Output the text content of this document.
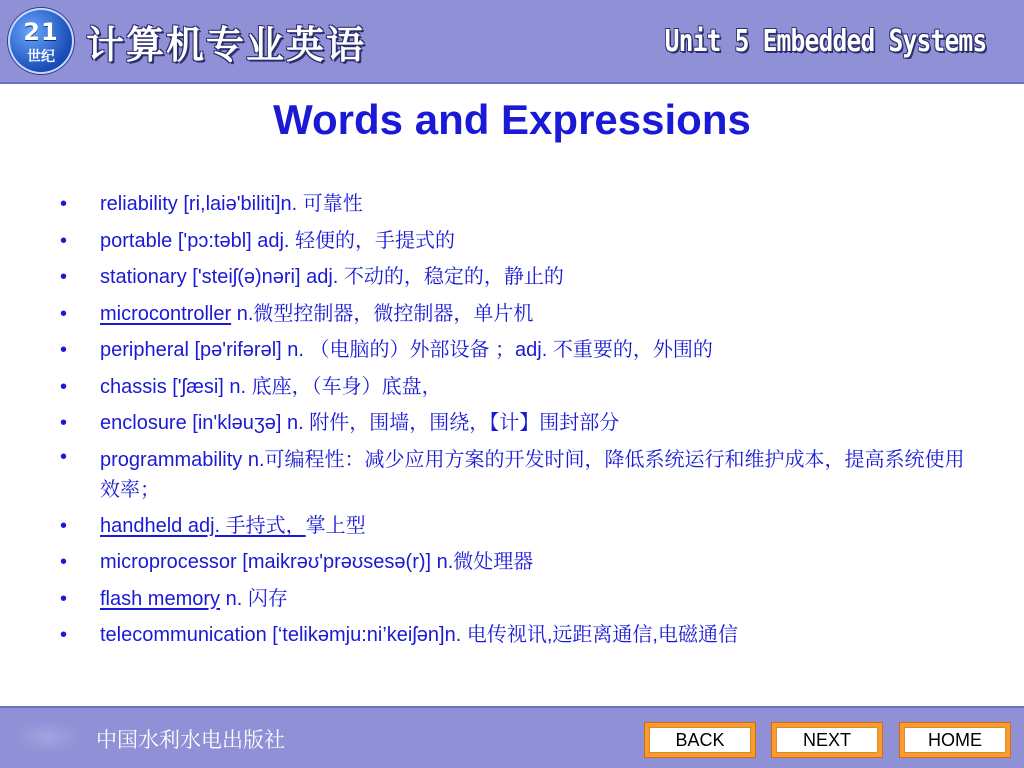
21
世纪 计算机专业英语	Unit 5 Embedded Systems
Words and Expressions
• reliability [ri,laiə'biliti]n. 可靠性
• portable ['pɔ:təbl] adj. 轻便的，手提式的
• stationary ['steiʃ(ə)nəri] adj. 不动的，稳定的，静止的
• microcontroller n.微型控制器，微控制器，单片机
• peripheral [pə'rifərəl] n. （电脑的）外部设备 ；adj. 不重要的，外围的
• chassis ['ʃæsi] n. 底座，（车身）底盘，
• enclosure [in'kləuʒə] n. 附件，围墙，围绕，【计】围封部分
• programmability n.可编程性：减少应用方案的开发时间，降低系统运行和维护成本，提高系统使用效率；
• handheld adj. 手持式，掌上型
• microprocessor [maikrəʊ'prəʊsesə(r)] n.微处理器
• flash memory n. 闪存
• telecommunication [‘telikəmju:ni’keiʃən]n. 电传视讯,远距离通信,电磁通信
中国水利水电出版社	BACK	NEXT	HOME
